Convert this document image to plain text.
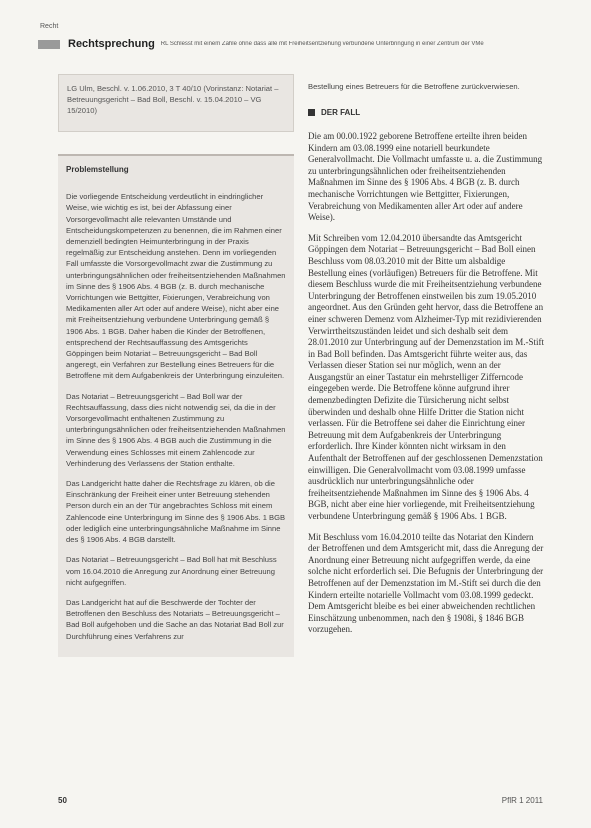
Recht
Rechtsprechung RL Schlesst mit einem Zahle ohne dass alle mit Freiheitsentziehung verbundene Unterbringung in einer Zentrum der VMe
LG Ulm, Beschl. v. 1.06.2010, 3 T 40/10 (Vorinstanz: Notariat – Betreuungsgericht – Bad Boll, Beschl. v. 15.04.2010 – VG 15/2010)
Problemstellung

Die vorliegende Entscheidung verdeutlicht in eindringlicher Weise, wie wichtig es ist, bei der Abfassung einer Vorsorgevollmacht alle relevanten Umstände und Entscheidungskompetenzen zu benennen, die im Rahmen einer demenziell bedingten Heimunterbringung in der Praxis regelmäßig zur Entscheidung anstehen. Denn im vorliegenden Fall umfasste die Vorsorgevollmacht zwar die Zustimmung zu unterbringungsähnlichen oder freiheitsentziehenden Maßnahmen im Sinne des § 1906 Abs. 4 BGB (z. B. durch mechanische Vorrichtungen wie Bettgitter, Fixierungen, Verabreichung von Medikamenten aller Art oder auf andere Weise), nicht aber eine mit Freiheitsentziehung verbundene Unterbringung gemäß § 1906 Abs. 1 BGB. Daher haben die Kinder der Betroffenen, entsprechend der Rechtsauffassung des Amtsgerichts Göppingen beim Notariat – Betreuungsgericht – Bad Boll angeregt, ein Verfahren zur Bestellung eines Betreuers für die Betroffene mit dem Aufgabenkreis der Unterbringung einzuleiten.

Das Notariat – Betreuungsgericht – Bad Boll war der Rechtsauffassung, dass dies nicht notwendig sei, da die in der Vorsorgevollmacht enthaltenen Zustimmung zu unterbringungsähnlichen oder freiheitsentziehenden Maßnahmen im Sinne des § 1906 Abs. 4 BGB auch die Zustimmung in die Verwendung eines Schlosses mit einem Zahlencode zur Verhinderung des Verlassens der Station enthalte.

Das Landgericht hatte daher die Rechtsfrage zu klären, ob die Einschränkung der Freiheit einer unter Betreuung stehenden Person durch ein an der Tür angebrachtes Schloss mit einem Zahlencode eine Unterbringung im Sinne des § 1906 Abs. 1 BGB oder lediglich eine unterbringungsähnliche Maßnahme im Sinne des § 1906 Abs. 4 BGB darstellt.

Das Notariat – Betreuungsgericht – Bad Boll hat mit Beschluss vom 16.04.2010 die Anregung zur Anordnung einer Betreuung nicht aufgegriffen.

Das Landgericht hat auf die Beschwerde der Tochter der Betroffenen den Beschluss des Notariats – Betreuungsgericht – Bad Boll aufgehoben und die Sache an das Notariat Bad Boll zur Durchführung eines Verfahrens zur

Bestellung eines Betreuers für die Betroffene zurückverwiesen.
DER FALL

Die am 00.00.1922 geborene Betroffene erteilte ihren beiden Kindern am 03.08.1999 eine notariell beurkundete Generalvollmacht. Die Vollmacht umfasste u. a. die Zustimmung zu unterbringungsähnlichen oder freiheitsentziehenden Maßnahmen im Sinne des § 1906 Abs. 4 BGB (z. B. durch mechanische Vorrichtungen wie Bettgitter, Fixierungen, Verabreichung von Medikamenten aller Art oder auf andere Weise).

Mit Schreiben vom 12.04.2010 übersandte das Amtsgericht Göppingen dem Notariat – Betreuungsgericht – Bad Boll einen Beschluss vom 08.03.2010 mit der Bitte um alsbaldige Bestellung eines (vorläufigen) Betreuers für die Betroffene. Mit diesem Beschluss wurde die mit Freiheitsentziehung verbundene Unterbringung der Betroffenen einstweilen bis zum 19.05.2010 angeordnet. Aus den Gründen geht hervor, dass die Betroffene an einer schweren Demenz vom Alzheimer-Typ mit rezidivierenden Verwirrtheitszuständen leidet und sich deshalb seit dem 28.01.2010 zur Unterbringung auf der Demenzstation im M.-Stift in Bad Boll befinden. Das Amtsgericht führte weiter aus, das Verlassen dieser Station sei nur möglich, wenn an der Ausgangstür an einer Tastatur ein mehrstelliger Zifferncode eingegeben werde. Die Betroffene könne aufgrund ihrer demenzbedingten Defizite die Türsicherung nicht selbst überwinden und deshalb ohne Hilfe Dritter die Station nicht verlassen. Für die Betroffene sei daher die Einrichtung einer Betreuung mit dem Aufgabenkreis der Unterbringung erforderlich. Ihre Kinder könnten nicht wirksam in den Aufenthalt der Betroffenen auf der geschlossenen Demenzstation einwilligen. Die Generalvollmacht vom 03.08.1999 umfasse ausdrücklich nur unterbringungsähnliche oder freiheitsentziehende Maßnahmen im Sinne des § 1906 Abs. 4 BGB, nicht aber eine hier vorliegende, mit Freiheitsentziehung verbundene Unterbringung gemäß § 1906 Abs. 1 BGB.

Mit Beschluss vom 16.04.2010 teilte das Notariat den Kindern der Betroffenen und dem Amtsgericht mit, dass die Anregung der Anordnung einer Betreuung nicht aufgegriffen werde, da eine solche nicht erforderlich sei. Die Befugnis der Unterbringung der Betroffenen auf der Demenzstation im M.-Stift sei durch die den Kindern erteilte notarielle Vollmacht vom 03.08.1999 gedeckt. Dem Amtsgericht bleibe es bei einer abweichenden rechtlichen Einschätzung unbenommen, nach den § 1908i, § 1846 BGB vorzugehen.

50	PflR 1 2011
